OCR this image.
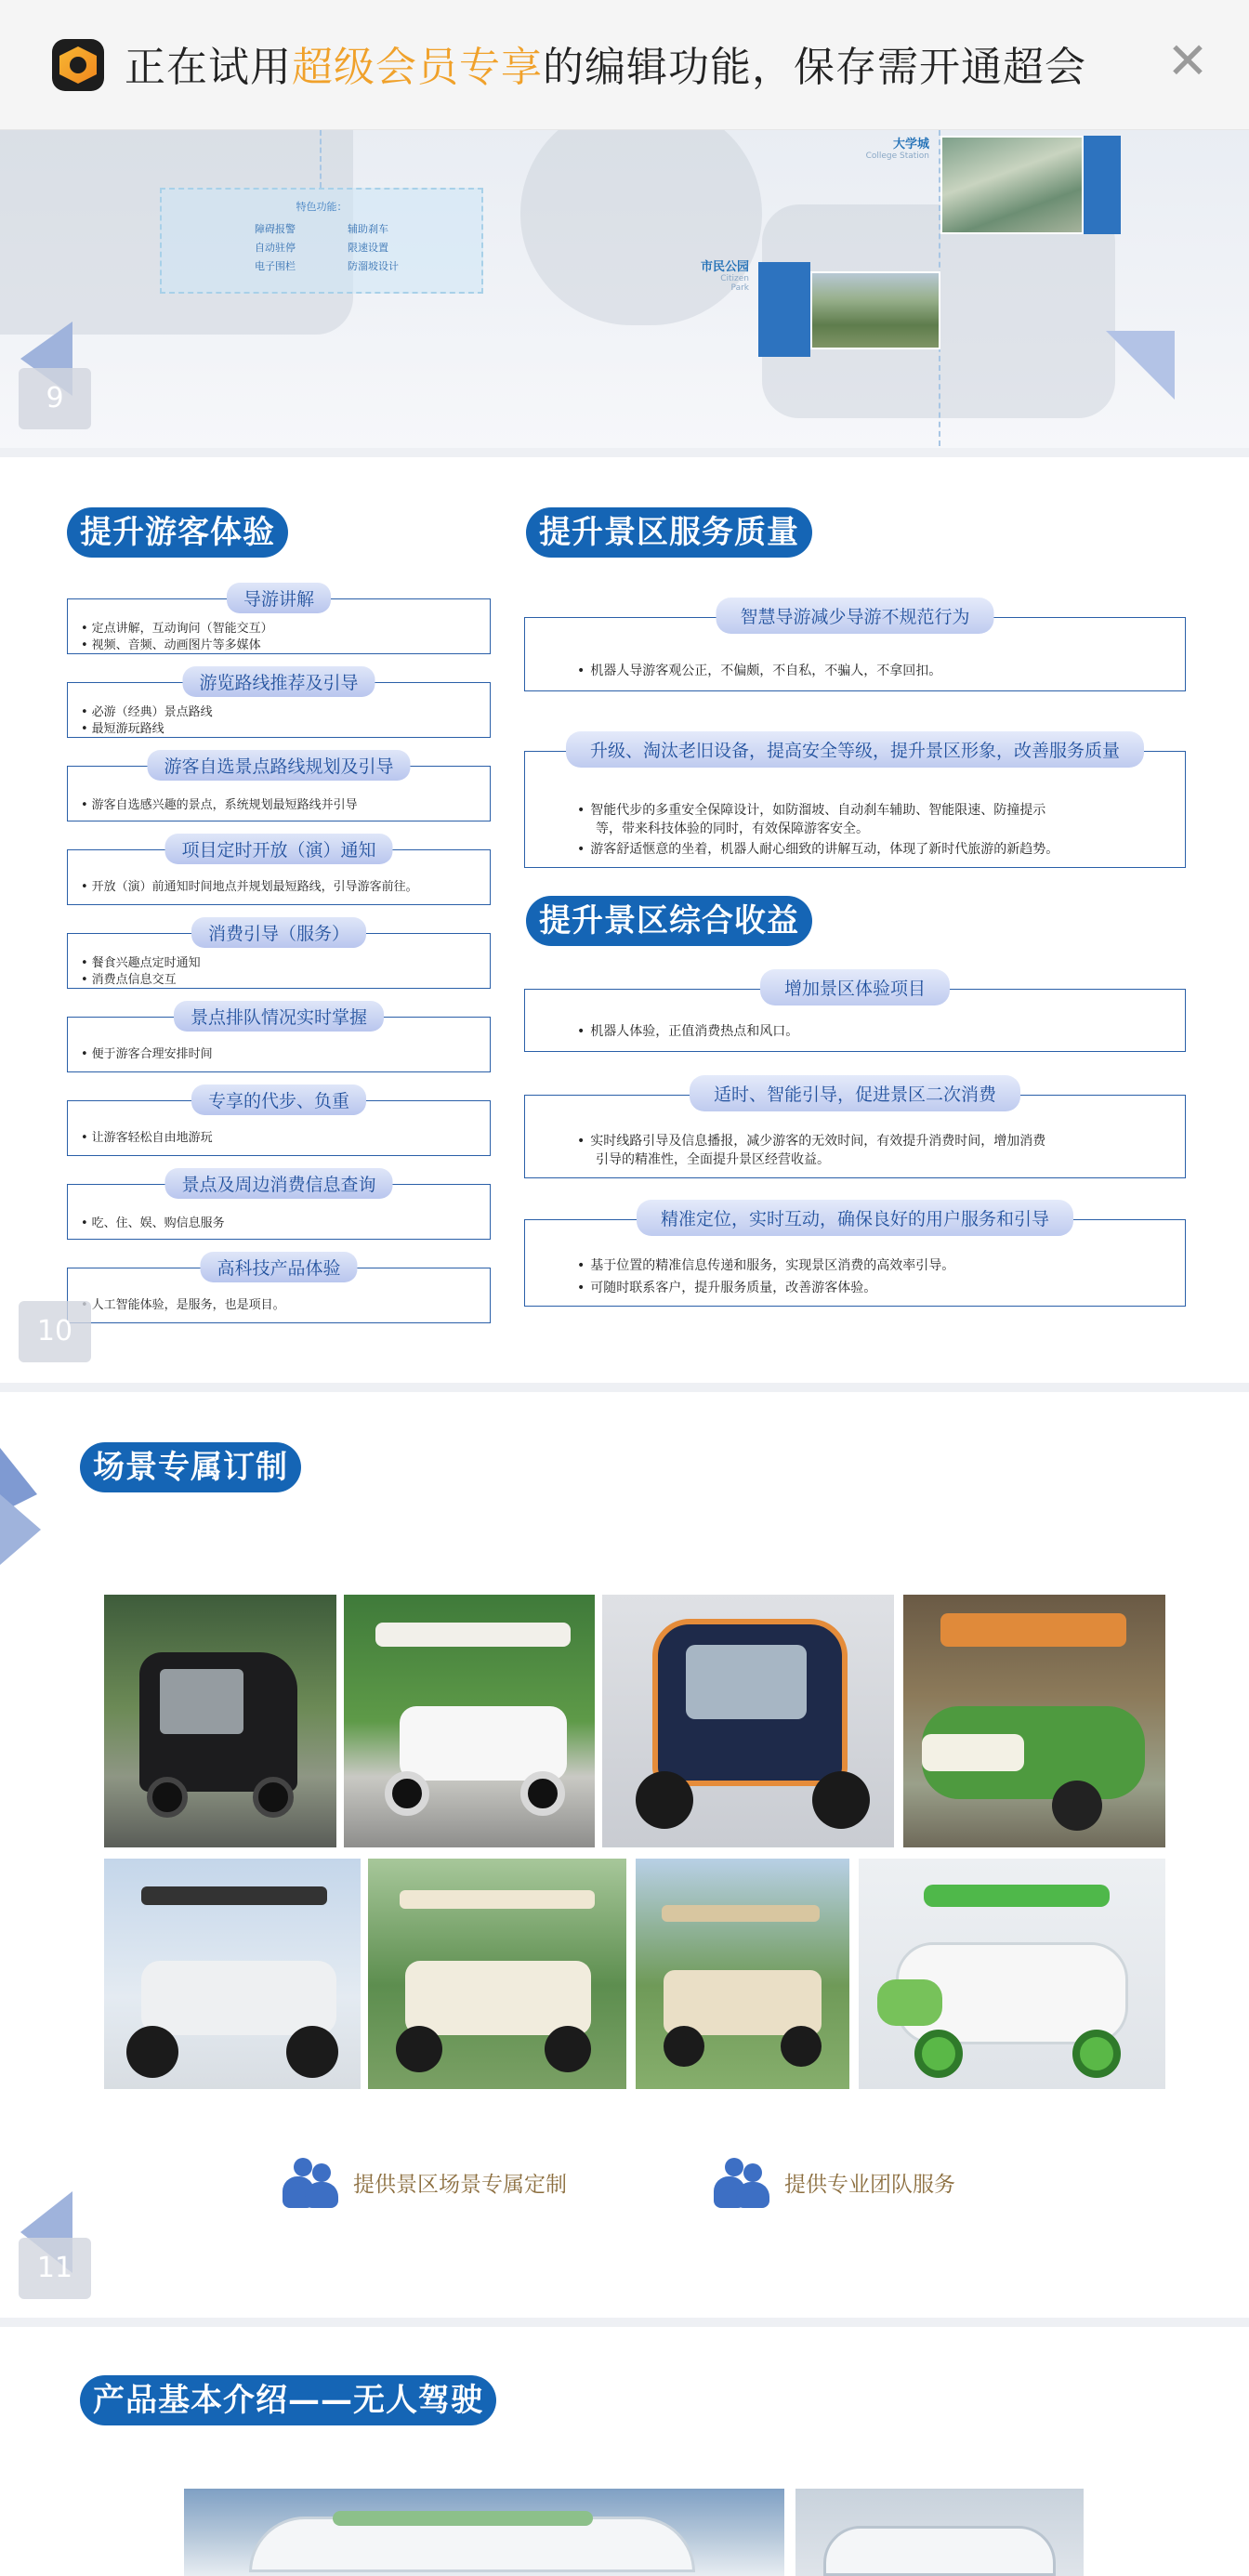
正在试用超级会员专享的编辑功能，保存需开通超会 ✕
特色功能：
障碍报警	辅助刹车
自动驻停	限速设置
电子围栏	防溜坡设计
大学城
College Station
市民公园
Citizen
Park
9
提升游客体验	提升景区服务质量
导游讲解
• 定点讲解，互动询问（智能交互）
• 视频、音频、动画图片等多媒体
游览路线推荐及引导
• 必游（经典）景点路线
• 最短游玩路线
游客自选景点路线规划及引导
• 游客自选感兴趣的景点，系统规划最短路线并引导
项目定时开放（演）通知
• 开放（演）前通知时间地点并规划最短路线，引导游客前往。
消费引导（服务）
• 餐食兴趣点定时通知
• 消费点信息交互
景点排队情况实时掌握
• 便于游客合理安排时间
专享的代步、负重
• 让游客轻松自由地游玩
景点及周边消费信息查询
• 吃、住、娱、购信息服务
高科技产品体验
• 人工智能体验，是服务，也是项目。
智慧导游减少导游不规范行为
• 机器人导游客观公正，不偏颇，不自私，不骗人，不拿回扣。
升级、淘汰老旧设备，提高安全等级，提升景区形象，改善服务质量
• 智能代步的多重安全保障设计，如防溜坡、自动刹车辅助、智能限速、防撞提示
等，带来科技体验的同时，有效保障游客安全。
• 游客舒适惬意的坐着，机器人耐心细致的讲解互动，体现了新时代旅游的新趋势。
提升景区综合收益
增加景区体验项目
• 机器人体验，正值消费热点和风口。
适时、智能引导，促进景区二次消费
• 实时线路引导及信息播报，减少游客的无效时间，有效提升消费时间，增加消费
引导的精准性，全面提升景区经营收益。
精准定位，实时互动，确保良好的用户服务和引导
• 基于位置的精准信息传递和服务，实现景区消费的高效率引导。
• 可随时联系客户，提升服务质量，改善游客体验。
10
场景专属订制
提供景区场景专属定制	提供专业团队服务
11
产品基本介绍——无人驾驶
